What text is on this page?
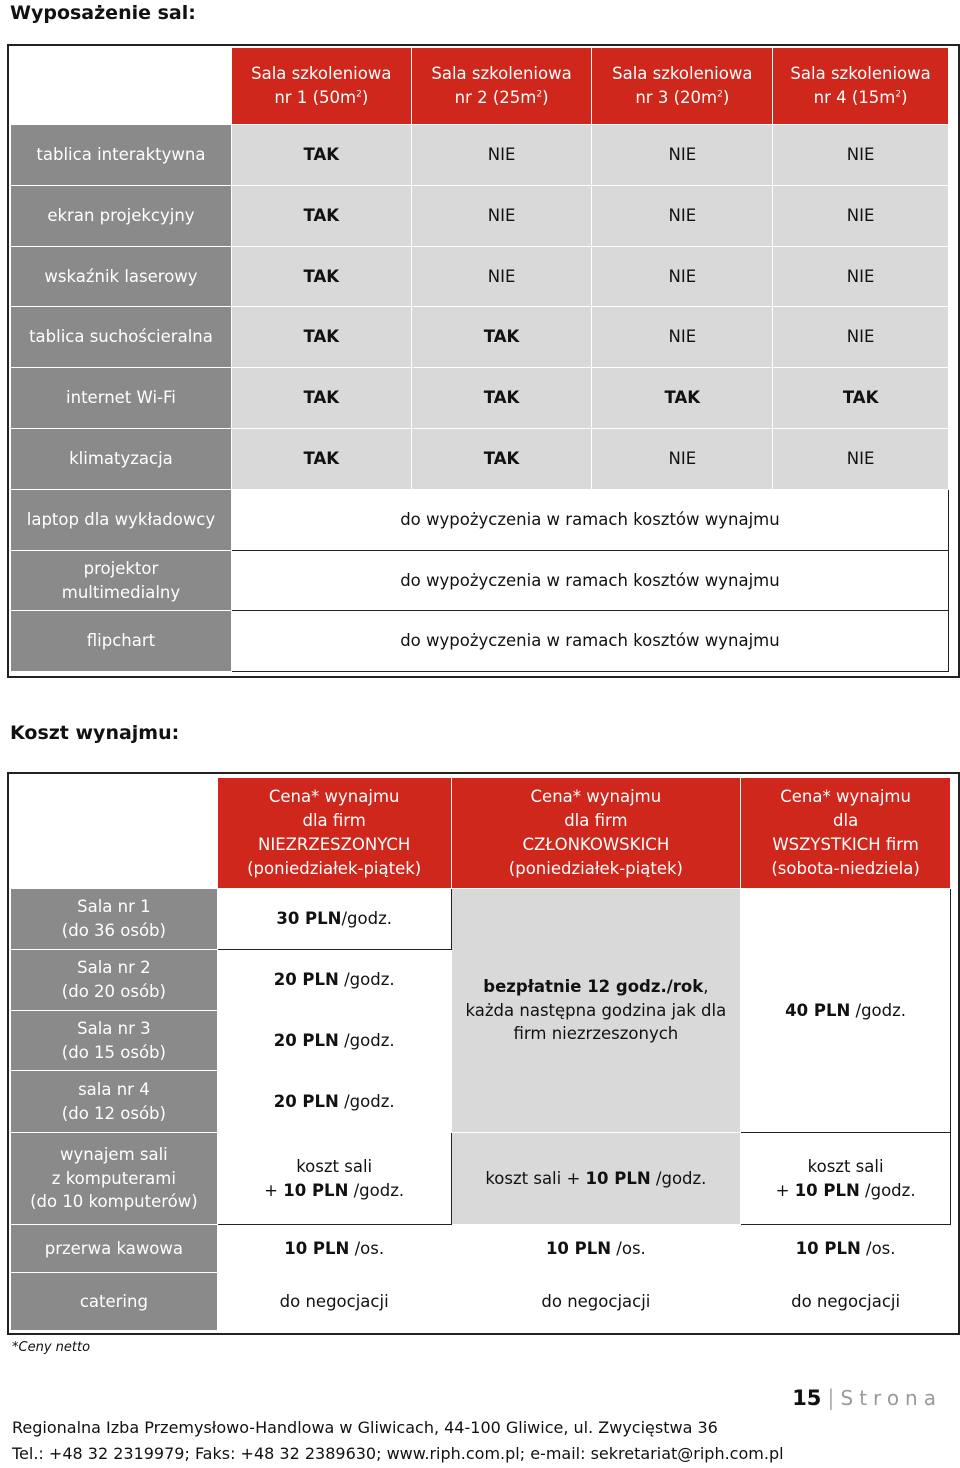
Wyposażenie sal:
	Sala szkoleniowa
nr 1 $(50m^2)$	Sala szkoleniowa
nr 2 $(25m^2)$	Sala szkoleniowa
nr 3 $(20m^2)$	Sala szkoleniowa
nr 4 $(15m^2)$
tablica interaktywna	TAK	NIE	NIE	NIE
ekran projekcyjny	TAK	NIE	NIE	NIE
wskaźnik laserowy	TAK	NIE	NIE	NIE
tablica suchościeralna	TAK	TAK	NIE	NIE
internet Wi-Fi	TAK	TAK	TAK	TAK
klimatyzacja	TAK	TAK	NIE	NIE
laptop dla wykładowcy	do wypożyczenia w ramach kosztów wynajmu			
projektor multimedialny	do wypożyczenia w ramach kosztów wynajmu			
flipchart	do wypożyczenia w ramach kosztów wynajmu			
Koszt wynajmu:
	Cena* wynajmu
dla firm
NIEZRZESZONYCH
(poniedziałek-piątek)	Cena* wynajmu
dla firm
CZŁONKOWSKICH
(poniedziałek-piątek)	Cena* wynajmu
dla
WSZYSTKICH firm
(sobota-niedziela)
Sala nr 1
(do 36 osób)	30 PLN/godz.	bezpłatnie 12 godz./rok,
każda następna godzina jak dla
firm niezrzeszonych	40 PLN /godz.
Sala nr 2
(do 20 osób)	20 PLN /godz.		
Sala nr 3
(do 15 osób)	20 PLN /godz.		
sala nr 4
(do 12 osób)	20 PLN /godz.		
wynajem sali
z komputerami
(do 10 komputerów)	koszt sali
+ 10 PLN /godz.	koszt sali + 10 PLN /godz.	koszt sali
+ 10 PLN /godz.
przerwa kawowa	10 PLN /os.	10 PLN /os.	10 PLN /os.
catering	do negocjacji	do negocjacji	do negocjacji
*Ceny netto
15 | Strona
Regionalna Izba Przemysłowo-Handlowa w Gliwicach, 44-100 Gliwice, ul. Zwycięstwa 36
Tel.: +48 32 2319979; Faks: +48 32 2389630; www.riph.com.pl; e-mail: sekretariat@riph.com.pl
